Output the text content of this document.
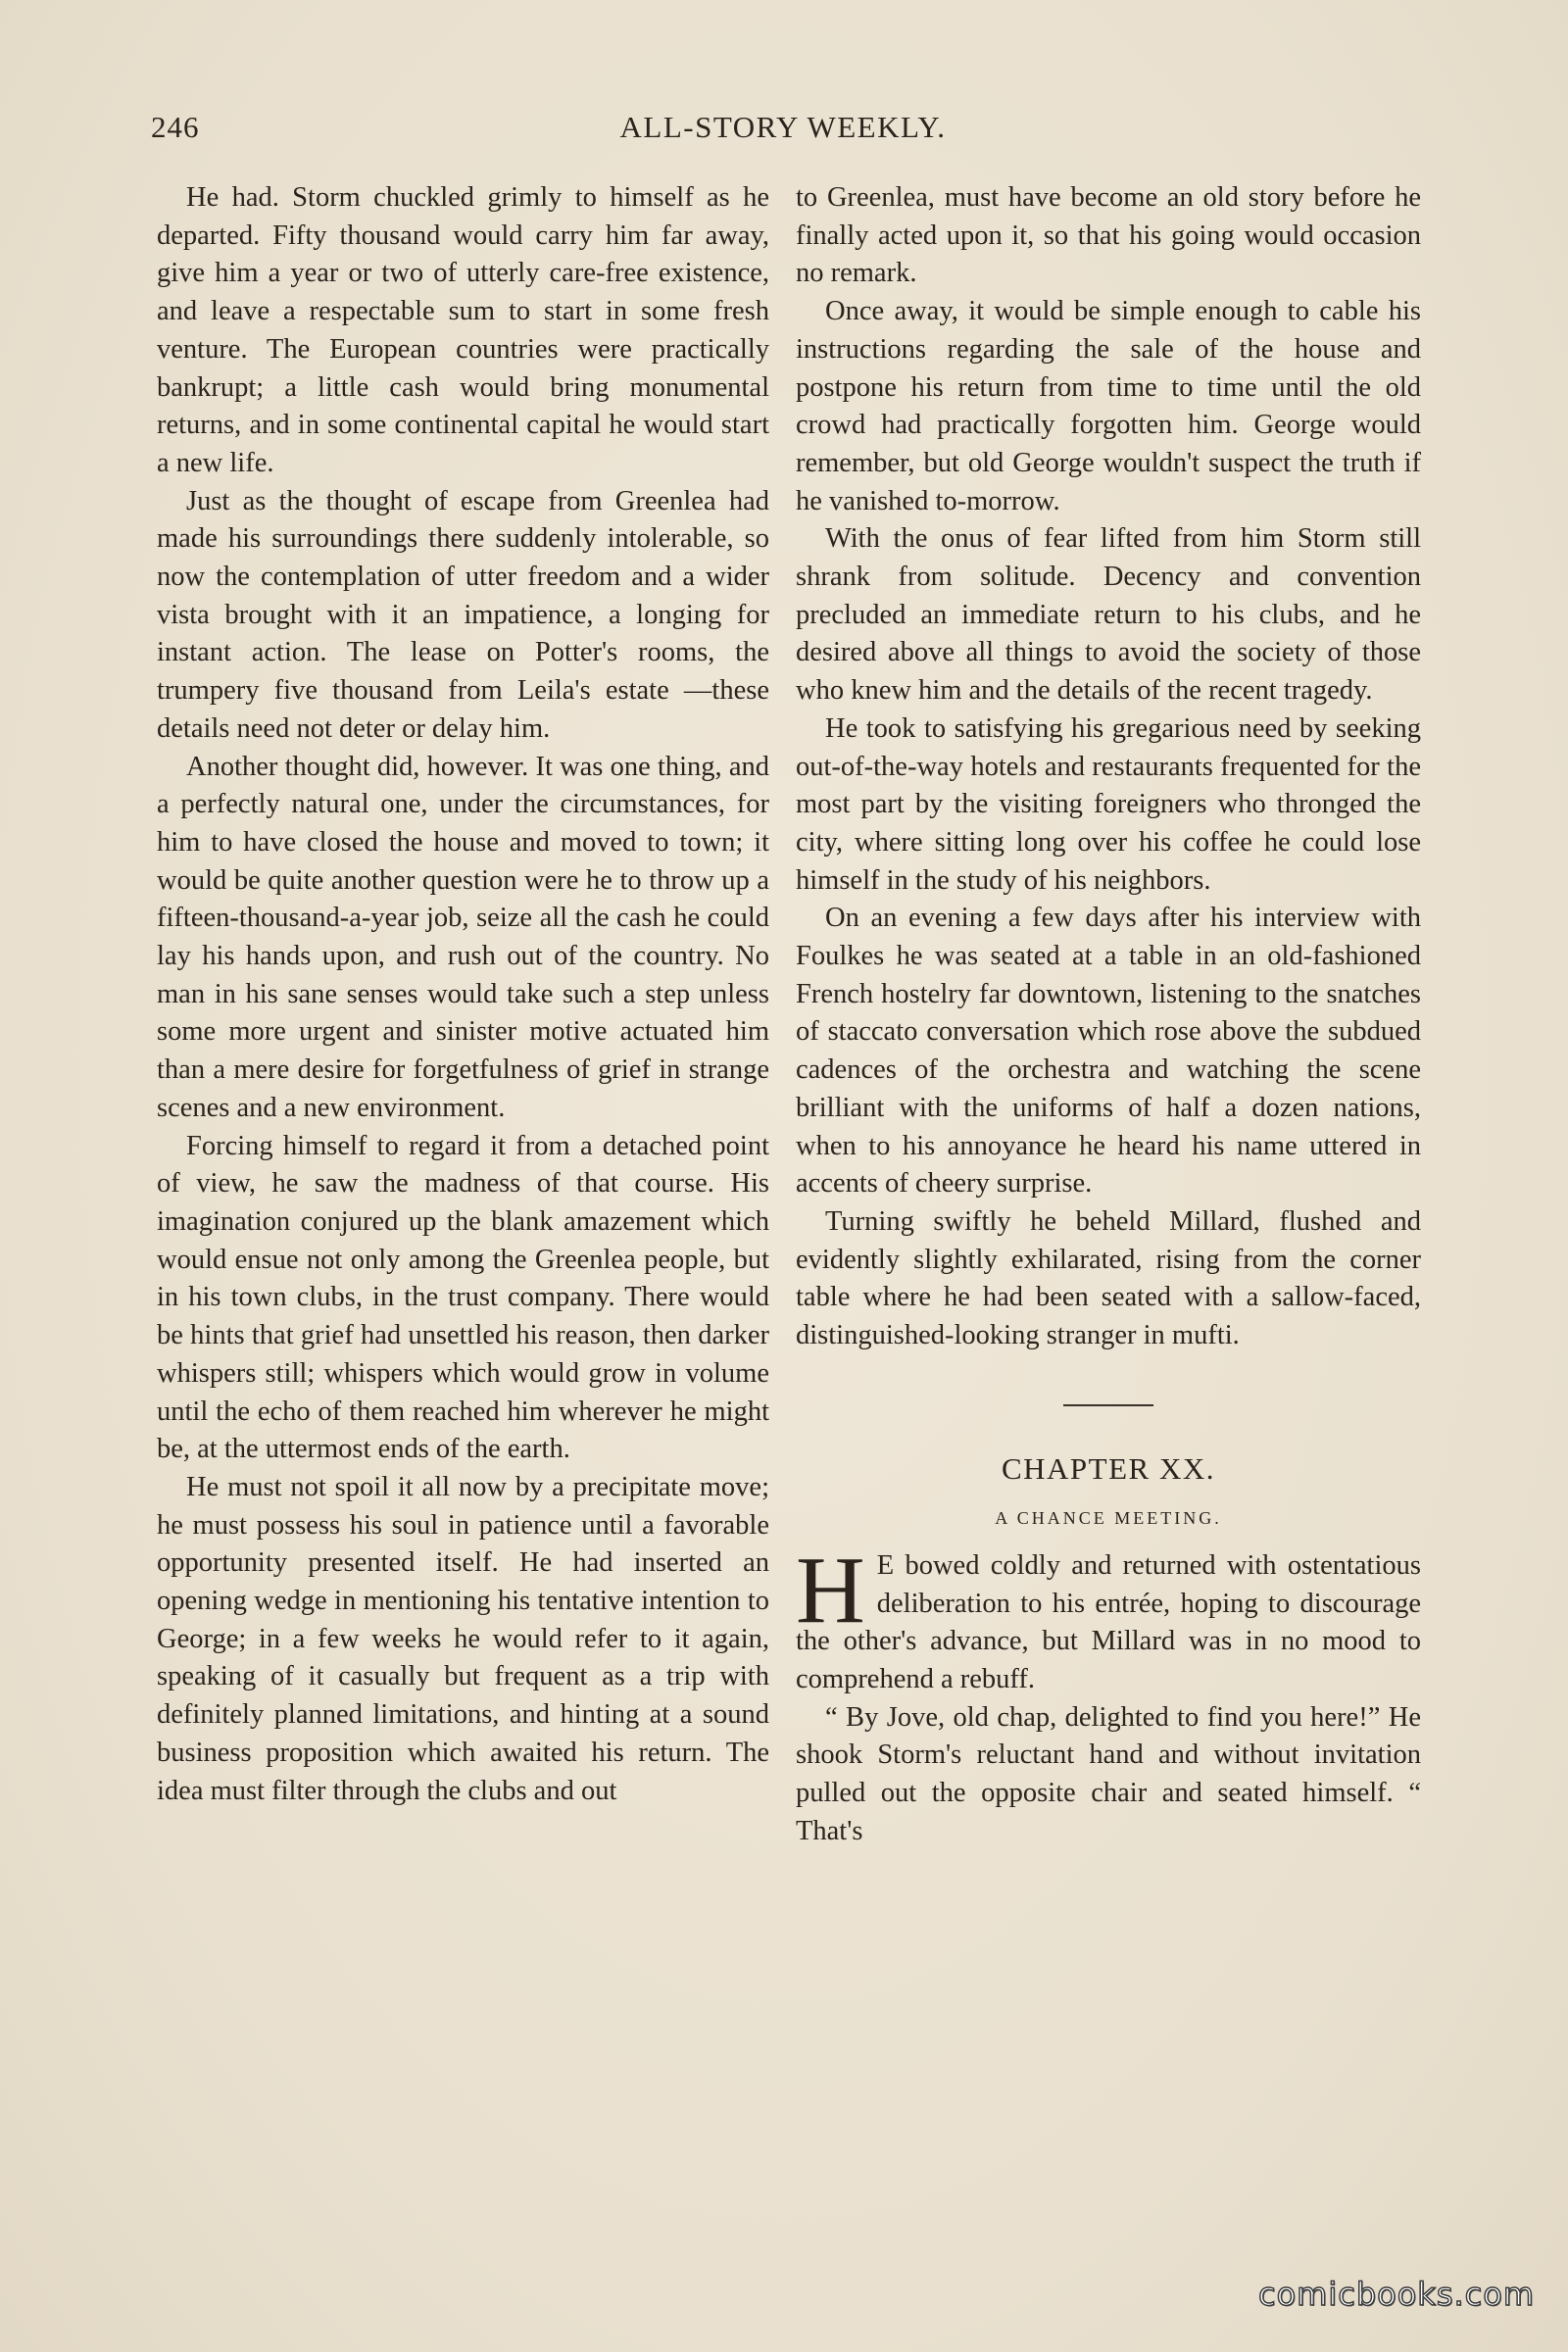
246	ALL-STORY WEEKLY.

He had. Storm chuckled grimly to himself as he departed. Fifty thousand would carry him far away, give him a year or two of utterly care-free existence, and leave a respectable sum to start in some fresh venture. The European countries were practically bankrupt; a little cash would bring monumental returns, and in some continental capital he would start a new life.

Just as the thought of escape from Greenlea had made his surroundings there suddenly intolerable, so now the contemplation of utter freedom and a wider vista brought with it an impatience, a longing for instant action. The lease on Potter's rooms, the trumpery five thousand from Leila's estate —these details need not deter or delay him.

Another thought did, however. It was one thing, and a perfectly natural one, under the circumstances, for him to have closed the house and moved to town; it would be quite another question were he to throw up a fifteen-thousand-a-year job, seize all the cash he could lay his hands upon, and rush out of the country. No man in his sane senses would take such a step unless some more urgent and sinister motive actuated him than a mere desire for forgetfulness of grief in strange scenes and a new environment.

Forcing himself to regard it from a detached point of view, he saw the madness of that course. His imagination conjured up the blank amazement which would ensue not only among the Greenlea people, but in his town clubs, in the trust company. There would be hints that grief had unsettled his reason, then darker whispers still; whispers which would grow in volume until the echo of them reached him wherever he might be, at the uttermost ends of the earth.

He must not spoil it all now by a precipitate move; he must possess his soul in patience until a favorable opportunity presented itself. He had inserted an opening wedge in mentioning his tentative intention to George; in a few weeks he would refer to it again, speaking of it casually but frequent as a trip with definitely planned limitations, and hinting at a sound business proposition which awaited his return. The idea must filter through the clubs and out

to Greenlea, must have become an old story before he finally acted upon it, so that his going would occasion no remark.

Once away, it would be simple enough to cable his instructions regarding the sale of the house and postpone his return from time to time until the old crowd had practically forgotten him. George would remember, but old George wouldn't suspect the truth if he vanished to-morrow.

With the onus of fear lifted from him Storm still shrank from solitude. Decency and convention precluded an immediate return to his clubs, and he desired above all things to avoid the society of those who knew him and the details of the recent tragedy.

He took to satisfying his gregarious need by seeking out-of-the-way hotels and restaurants frequented for the most part by the visiting foreigners who thronged the city, where sitting long over his coffee he could lose himself in the study of his neighbors.

On an evening a few days after his interview with Foulkes he was seated at a table in an old-fashioned French hostelry far downtown, listening to the snatches of staccato conversation which rose above the subdued cadences of the orchestra and watching the scene brilliant with the uniforms of half a dozen nations, when to his annoyance he heard his name uttered in accents of cheery surprise.

Turning swiftly he beheld Millard, flushed and evidently slightly exhilarated, rising from the corner table where he had been seated with a sallow-faced, distinguished-looking stranger in mufti.

CHAPTER XX.
A CHANCE MEETING.

H E bowed coldly and returned with ostentatious deliberation to his entrée, hoping to discourage the other's advance, but Millard was in no mood to comprehend a rebuff.

“ By Jove, old chap, delighted to find you here!” He shook Storm's reluctant hand and without invitation pulled out the opposite chair and seated himself. “ That's

comicbooks.com
